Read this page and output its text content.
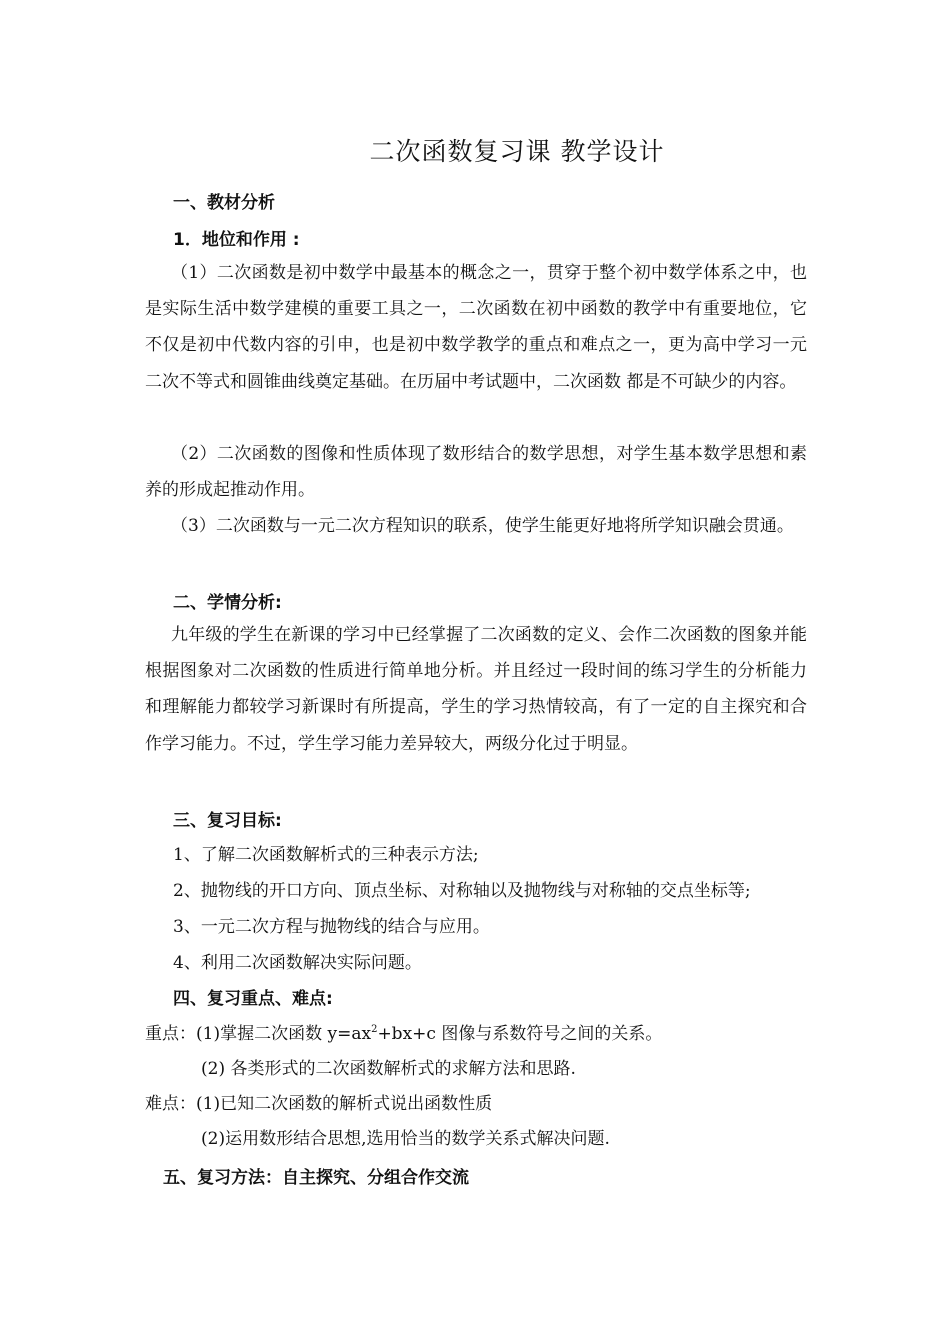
二次函数复习课 教学设计
一、教材分析
1．地位和作用 :

（1）二次函数是初中数学中最基本的概念之一，贯穿于整个初中数学体系之中，也是实际生活中数学建模的重要工具之一，二次函数在初中函数的教学中有重要地位，它不仅是初中代数内容的引申，也是初中数学教学的重点和难点之一，更为高中学习一元二次不等式和圆锥曲线奠定基础。在历届中考试题中，二次函数 都是不可缺少的内容。

（2）二次函数的图像和性质体现了数形结合的数学思想，对学生基本数学思想和素养的形成起推动作用。

（3）二次函数与一元二次方程知识的联系，使学生能更好地将所学知识融会贯通。

二、学情分析:

九年级的学生在新课的学习中已经掌握了二次函数的定义、会作二次函数的图象并能根据图象对二次函数的性质进行简单地分析。并且经过一段时间的练习学生的分析能力和理解能力都较学习新课时有所提高，学生的学习热情较高，有了一定的自主探究和合作学习能力。不过，学生学习能力差异较大，两级分化过于明显。

三、复习目标:
1、了解二次函数解析式的三种表示方法;
2、抛物线的开口方向、顶点坐标、对称轴以及抛物线与对称轴的交点坐标等;
3、一元二次方程与抛物线的结合与应用。
4、利用二次函数解决实际问题。
四、复习重点、难点:
重点：(1)掌握二次函数 $y=ax^2+bx+c$ 图像与系数符号之间的关系。
(2) 各类形式的二次函数解析式的求解方法和思路.
难点：(1)已知二次函数的解析式说出函数性质
(2)运用数形结合思想,选用恰当的数学关系式解决问题.
五、复习方法：自主探究、分组合作交流
